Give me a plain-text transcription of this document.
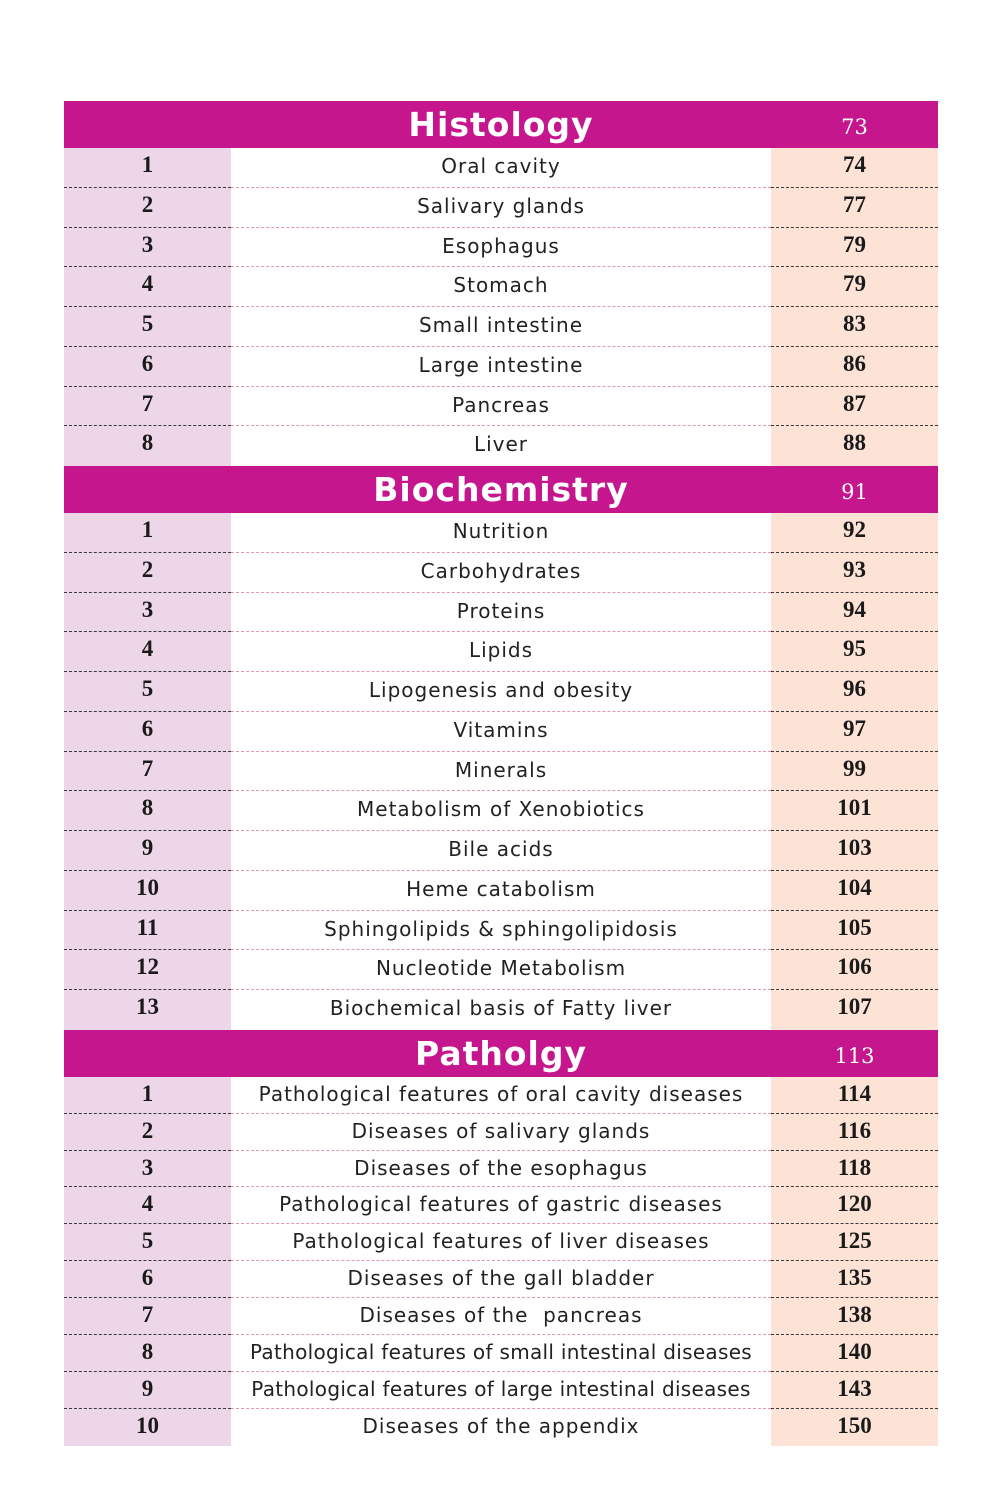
Histology	73
1	Oral cavity	74
2	Salivary glands	77
3	Esophagus	79
4	Stomach	79
5	Small intestine	83
6	Large intestine	86
7	Pancreas	87
8	Liver	88
Biochemistry	91
1	Nutrition	92
2	Carbohydrates	93
3	Proteins	94
4	Lipids	95
5	Lipogenesis and obesity	96
6	Vitamins	97
7	Minerals	99
8	Metabolism of Xenobiotics	101
9	Bile acids	103
10	Heme catabolism	104
11	Sphingolipids & sphingolipidosis	105
12	Nucleotide Metabolism	106
13	Biochemical basis of Fatty liver	107
Patholgy	113
1	Pathological features of oral cavity diseases	114
2	Diseases of salivary glands	116
3	Diseases of the esophagus	118
4	Pathological features of gastric diseases	120
5	Pathological features of liver diseases	125
6	Diseases of the gall bladder	135
7	Diseases of the  pancreas	138
8	Pathological features of small intestinal diseases	140
9	Pathological features of large intestinal diseases	143
10	Diseases of the appendix	150
